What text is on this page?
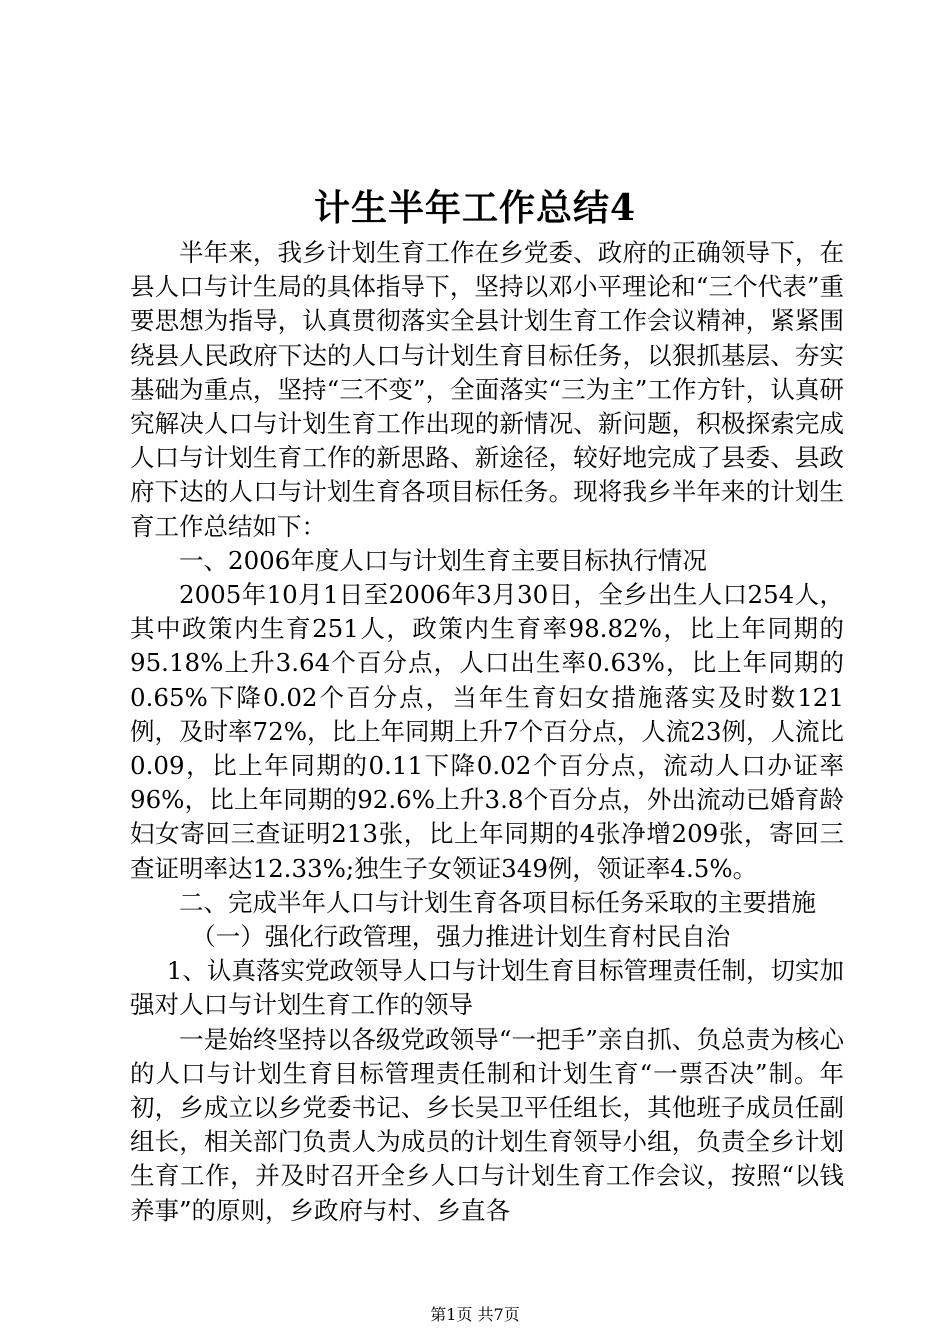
计生半年工作总结4

半年来，我乡计划生育工作在乡党委、政府的正确领导下，在县人口与计生局的具体指导下，坚持以邓小平理论和“三个代表”重要思想为指导，认真贯彻落实全县计划生育工作会议精神，紧紧围绕县人民政府下达的人口与计划生育目标任务，以狠抓基层、夯实基础为重点，坚持“三不变”，全面落实“三为主”工作方针，认真研究解决人口与计划生育工作出现的新情况、新问题，积极探索完成人口与计划生育工作的新思路、新途径，较好地完成了县委、县政府下达的人口与计划生育各项目标任务。现将我乡半年来的计划生育工作总结如下：

一、2006年度人口与计划生育主要目标执行情况

2005年10月1日至2006年3月30日，全乡出生人口254人，其中政策内生育251人，政策内生育率98.82%，比上年同期的95.18%上升3.64个百分点，人口出生率0.63%，比上年同期的0.65%下降0.02个百分点，当年生育妇女措施落实及时数121例，及时率72%，比上年同期上升7个百分点，人流23例，人流比0.09，比上年同期的0.11下降0.02个百分点，流动人口办证率96%，比上年同期的92.6%上升3.8个百分点，外出流动已婚育龄妇女寄回三查证明213张，比上年同期的4张净增209张，寄回三查证明率达12.33%;独生子女领证349例，领证率4.5%。

二、完成半年人口与计划生育各项目标任务采取的主要措施

（一）强化行政管理，强力推进计划生育村民自治

1、认真落实党政领导人口与计划生育目标管理责任制，切实加强对人口与计划生育工作的领导

一是始终坚持以各级党政领导“一把手”亲自抓、负总责为核心的人口与计划生育目标管理责任制和计划生育“一票否决”制。年初，乡成立以乡党委书记、乡长吴卫平任组长，其他班子成员任副组长，相关部门负责人为成员的计划生育领导小组，负责全乡计划生育工作，并及时召开全乡人口与计划生育工作会议，按照“以钱养事”的原则，乡政府与村、乡直各

第1页 共7页
